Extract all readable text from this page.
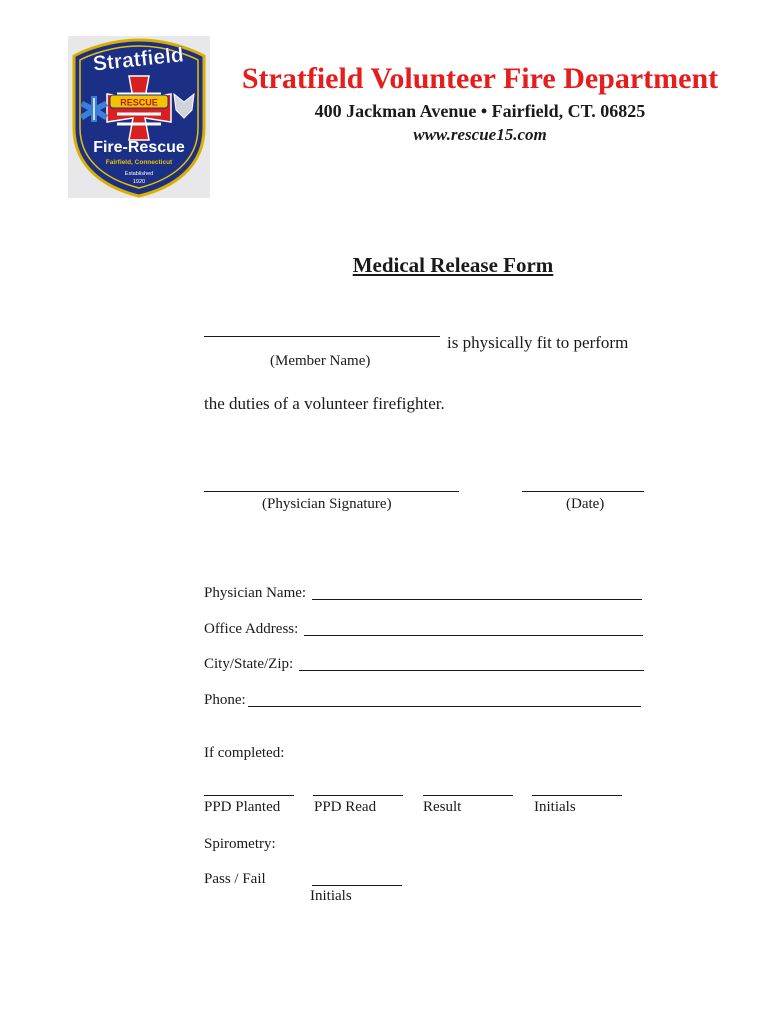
RESCUE
Stratfield
Fire-Rescue
Fairfield, Connecticut
Established
1920
Stratfield Volunteer Fire Department
400 Jackman Avenue • Fairfield, CT. 06825
www.rescue15.com
Medical Release Form
is physically fit to perform
(Member Name)
the duties of a volunteer firefighter.
(Physician Signature)	(Date)
Physician Name:
Office Address:
City/State/Zip:
Phone:
If completed:
PPD Planted PPD Read	Result	Initials
Spirometry:
Pass / Fail
Initials
